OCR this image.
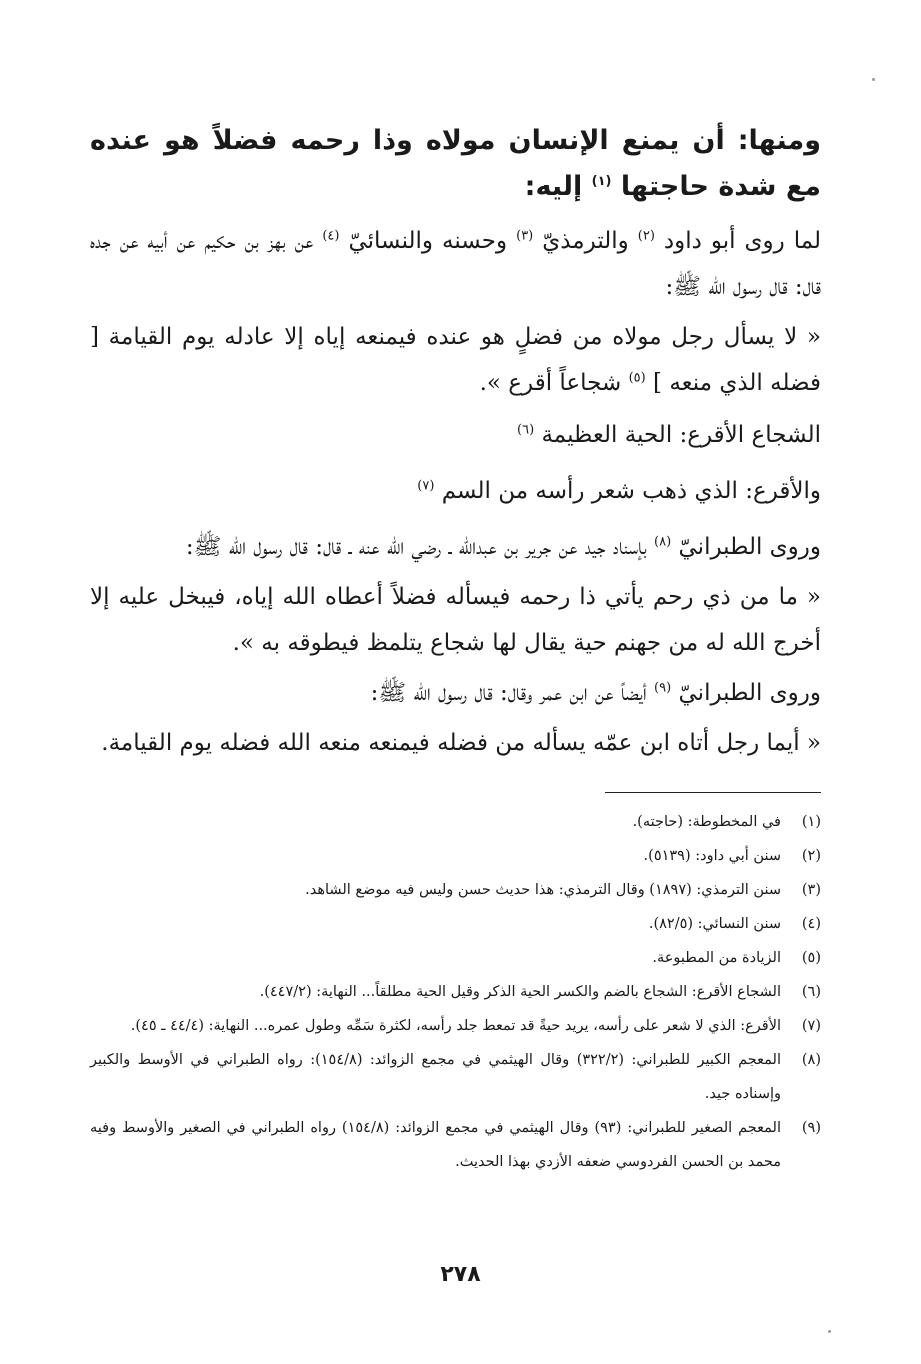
ومنها: أن يمنع الإنسان مولاه وذا رحمه فضلاً هو عنده مع شدة حاجتها $^{(١)}$ إليه:
لما روى أبو داود $^{(٢)}$ والترمذيّ $^{(٣)}$ وحسنه والنسائيّ $^{(٤)}$ عن بهز بن حكيم عن أبيه عن جده قال: قال رسول الله ﷺ:
« لا يسأل رجل مولاه من فضلٍ هو عنده فيمنعه إياه إلا عادله يوم القيامة [ فضله الذي منعه ] $^{(٥)}$ شجاعاً أقرع ».
الشجاع الأقرع: الحية العظيمة $^{(٦)}$
والأقرع: الذي ذهب شعر رأسه من السم $^{(٧)}$
وروى الطبرانيّ $^{(٨)}$ بإسناد جيد عن جرير بن عبدالله ـ رضي الله عنه ـ قال: قال رسول الله ﷺ:
« ما من ذي رحم يأتي ذا رحمه فيسأله فضلاً أعطاه الله إياه، فيبخل عليه إلا أخرج الله له من جهنم حية يقال لها شجاع يتلمظ فيطوقه به ».
وروى الطبرانيّ $^{(٩)}$ أيضاً عن ابن عمر وقال: قال رسول الله ﷺ:
« أيما رجل أتاه ابن عمّه يسأله من فضله فيمنعه منعه الله فضله يوم القيامة.
(١)
في المخطوطة: (حاجته).
(٢)
سنن أبي داود: (٥١٣٩).
(٣)
سنن الترمذي: (١٨٩٧) وقال الترمذي: هذا حديث حسن وليس فيه موضع الشاهد.
(٤)
سنن النسائي: (٨٢/٥).
(٥)
الزيادة من المطبوعة.
(٦)
الشجاع الأقرع: الشجاع بالضم والكسر الحية الذكر وقيل الحية مطلقاً... النهاية: (٤٤٧/٢).
(٧)
الأقرع: الذي لا شعر على رأسه، يريد حيةً قد تمعط جلد رأسه، لكثرة سَمِّه وطول عمره... النهاية: (٤٤/٤ ـ ٤٥).
(٨)
المعجم الكبير للطبراني: (٣٢٢/٢) وقال الهيثمي في مجمع الزوائد: (١٥٤/٨): رواه الطبراني في الأوسط والكبير وإسناده جيد.
(٩)
المعجم الصغير للطبراني: (٩٣) وقال الهيثمي في مجمع الزوائد: (١٥٤/٨) رواه الطبراني في الصغير والأوسط وفيه محمد بن الحسن الفردوسي ضعفه الأزدي بهذا الحديث.
٢٧٨
